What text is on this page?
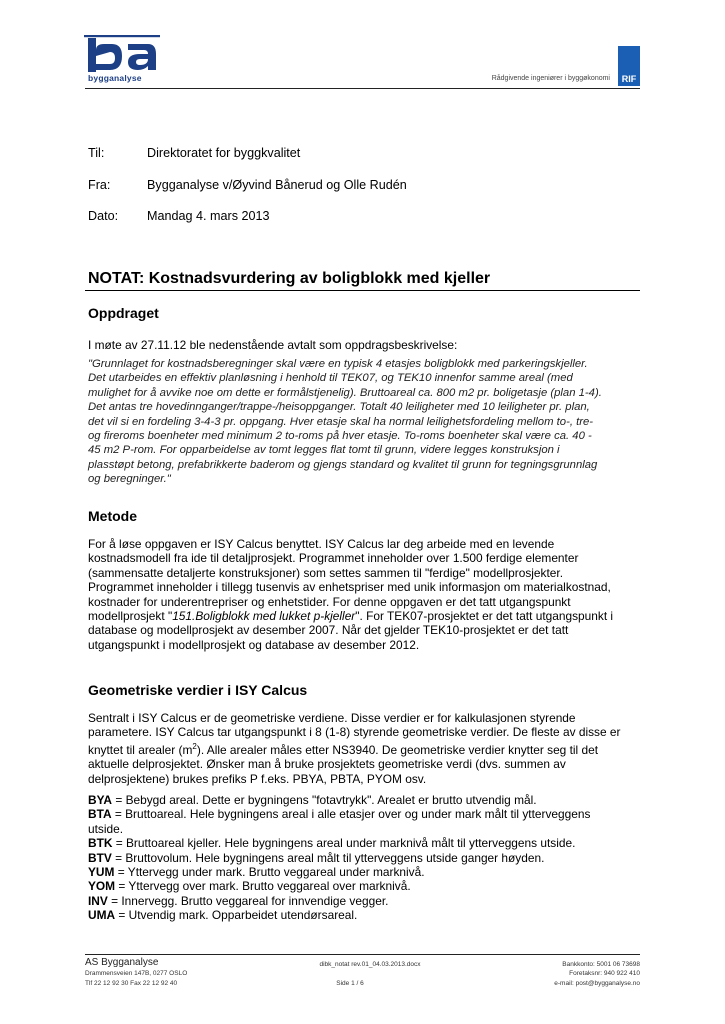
bygganalyse	Rådgivende ingeniører i byggøkonomi RIF
Til:	Direktoratet for byggkvalitet
Fra:	Bygganalyse v/Øyvind Bånerud og Olle Rudén
Dato: Mandag 4. mars 2013
NOTAT: Kostnadsvurdering av boligblokk med kjeller
Oppdraget
I møte av 27.11.12 ble nedenstående avtalt som oppdragsbeskrivelse:
"Grunnlaget for kostnadsberegninger skal være en typisk 4 etasjes boligblokk med parkeringskjeller.
Det utarbeides en effektiv planløsning i henhold til TEK07, og TEK10 innenfor samme areal (med
mulighet for å avvike noe om dette er formålstjenelig). Bruttoareal ca. 800 m2 pr. boligetasje (plan 1-4).
Det antas tre hovedinnganger/trappe-/heisoppganger. Totalt 40 leiligheter med 10 leiligheter pr. plan,
det vil si en fordeling 3-4-3 pr. oppgang. Hver etasje skal ha normal leilighetsfordeling mellom to-, tre-
og fireroms boenheter med minimum 2 to-roms på hver etasje. To-roms boenheter skal være ca. 40 -
45 m2 P-rom. For opparbeidelse av tomt legges flat tomt til grunn, videre legges konstruksjon i
plasstøpt betong, prefabrikkerte baderom og gjengs standard og kvalitet til grunn for tegningsgrunnlag
og beregninger."
Metode
For å løse oppgaven er ISY Calcus benyttet. ISY Calcus lar deg arbeide med en levende
kostnadsmodell fra ide til detaljprosjekt. Programmet inneholder over 1.500 ferdige elementer
(sammensatte detaljerte konstruksjoner) som settes sammen til "ferdige" modellprosjekter.
Programmet inneholder i tillegg tusenvis av enhetspriser med unik informasjon om materialkostnad,
kostnader for underentrepriser og enhetstider. For denne oppgaven er det tatt utgangspunkt
modellprosjekt "151.Boligblokk med lukket p-kjeller". For TEK07-prosjektet er det tatt utgangspunkt i
database og modellprosjekt av desember 2007. Når det gjelder TEK10-prosjektet er det tatt
utgangspunkt i modellprosjekt og database av desember 2012.
Geometriske verdier i ISY Calcus
Sentralt i ISY Calcus er de geometriske verdiene. Disse verdier er for kalkulasjonen styrende
parametere. ISY Calcus tar utgangspunkt i 8 (1-8) styrende geometriske verdier. De fleste av disse er
knyttet til arealer $(m^2)$. Alle arealer måles etter NS3940. De geometriske verdier knytter seg til det
aktuelle delprosjektet. Ønsker man å bruke prosjektets geometriske verdi (dvs. summen av
delprosjektene) brukes prefiks P f.eks. PBYA, PBTA, PYOM osv.
BYA = Bebygd areal. Dette er bygningens "fotavtrykk". Arealet er brutto utvendig mål.
BTA = Bruttoareal. Hele bygningens areal i alle etasjer over og under mark målt til ytterveggens
utside.
BTK = Bruttoareal kjeller. Hele bygningens areal under marknivå målt til ytterveggens utside.
BTV = Bruttovolum. Hele bygningens areal målt til ytterveggens utside ganger høyden.
YUM = Yttervegg under mark. Brutto veggareal under marknivå.
YOM = Yttervegg over mark. Brutto veggareal over marknivå.
INV = Innervegg. Brutto veggareal for innvendige vegger.
UMA = Utvendig mark. Opparbeidet utendørsareal.
AS Bygganalyse
Drammensveien 147B, 0277 OSLO
Tlf 22 12 92 30 Fax 22 12 92 40
dibk_notat rev.01_04.03.2013.docx
Side 1 / 6
Bankkonto: 5001 06 73698
Foretaksnr: 940 922 410
e-mail: post@bygganalyse.no
